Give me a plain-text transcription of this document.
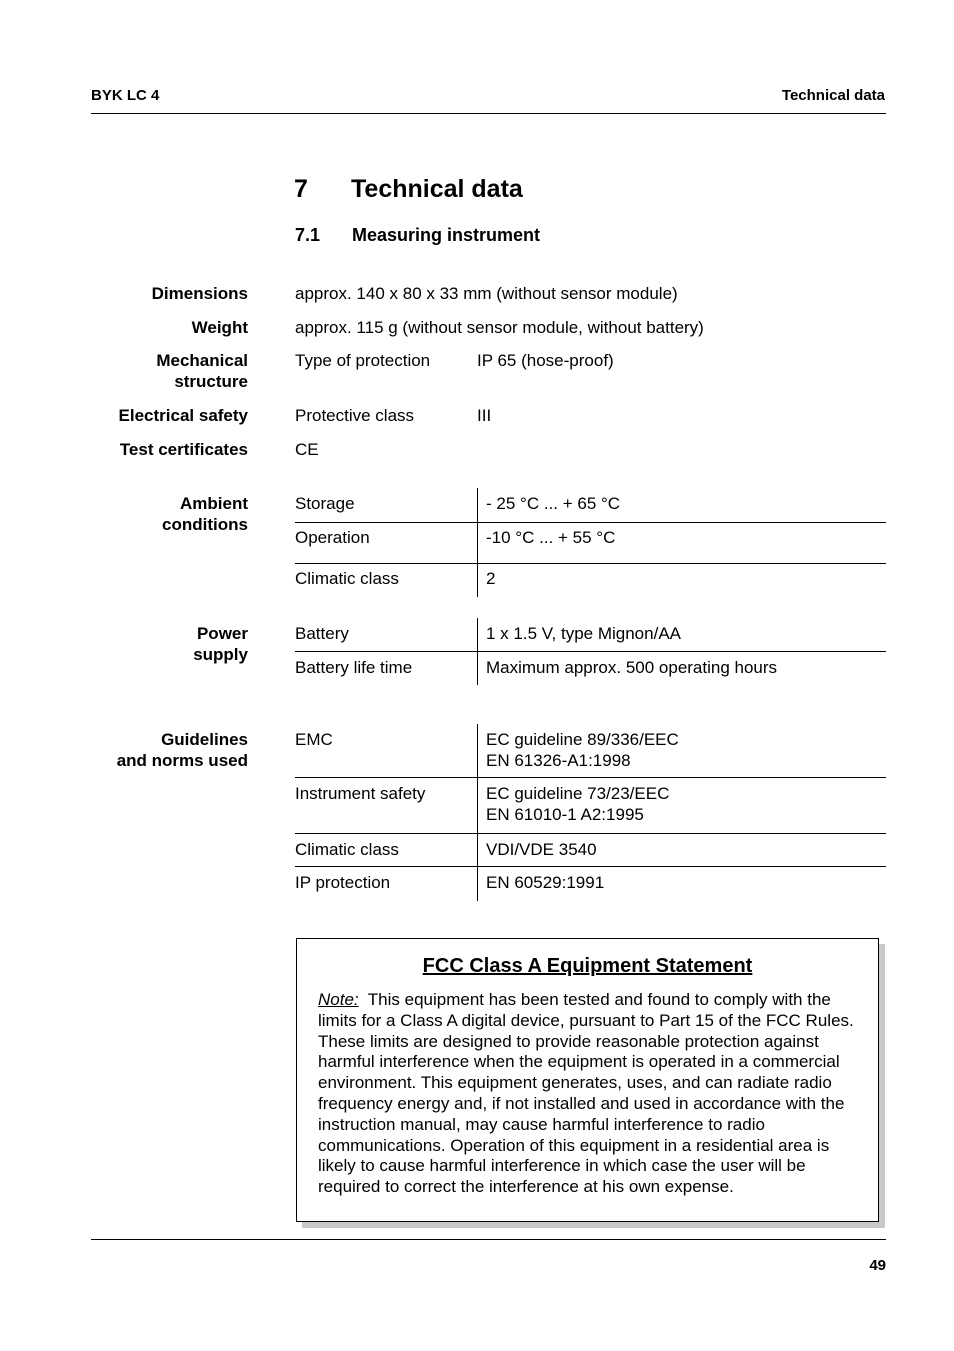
BYK LC 4	Technical data
7 Technical data
7.1 Measuring instrument
Dimensions	approx. 140 x 80 x 33 mm (without sensor module)
Weight	approx. 115 g (without sensor module, without battery)
Mechanical
structure
Type of protection	IP 65 (hose-proof)
Electrical safety	Protective class	III
Test certificates	CE
Ambient
conditions
Storage	- 25 °C ... + 65 °C
Operation	-10 °C ... + 55 °C
Climatic class	2
Power
supply
Battery	1 x 1.5 V, type Mignon/AA
Battery life time	Maximum approx. 500 operating hours
Guidelines
and norms used
EMC	EC guideline 89/336/EEC
EN 61326-A1:1998
Instrument safety	EC guideline 73/23/EEC
EN 61010-1 A2:1995
Climatic class	VDI/VDE 3540
IP protection	EN 60529:1991
FCC Class A Equipment Statement
Note: This equipment has been tested and found to comply with the limits for a Class A digital device, pursuant to Part 15 of the FCC Rules. These limits are designed to provide reasonable protection against harmful interference when the equipment is operated in a commercial environment. This equipment generates, uses, and can radiate radio frequency energy and, if not installed and used in accordance with the instruction manual, may cause harmful interference to radio communications. Operation of this equipment in a residential area is likely to cause harmful interference in which case the user will be required to correct the interference at his own expense.
49
